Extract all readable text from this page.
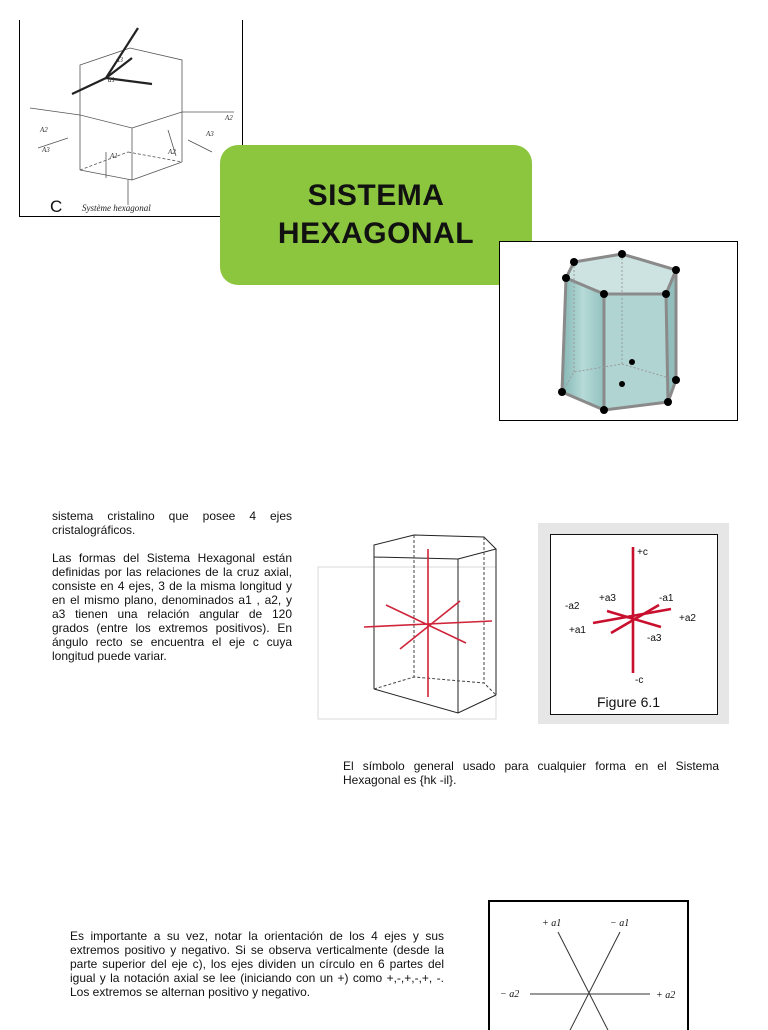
a3
a1
A2
A2
A3
A1	A2
A3
C Système hexagonal	SISTEMA
HEXAGONAL

sistema cristalino que posee 4 ejes cristalográficos.

Las formas del Sistema Hexagonal están definidas por las relaciones de la cruz axial, consiste en 4 ejes, 3 de la misma longitud y en el mismo plano, denominados a1 , a2, y a3 tienen una relación angular de 120 grados (entre los extremos positivos). En ángulo recto se encuentra el eje c cuya longitud puede variar.

+c
-c
-a2
+a3	-a1
+a2
+a1
-a3
Figure 6.1
El símbolo general usado para cualquier forma en el Sistema Hexagonal es {hk -il}.
Es importante a su vez, notar la orientación de los 4 ejes y sus extremos positivo y negativo. Si se observa verticalmente (desde la parte superior del eje c), los ejes dividen un círculo en 6 partes del igual y la notación axial se lee (iniciando con un +) como +,-,+,-,+, -. Los extremos se alternan positivo y negativo.
+ a1	− a1
− a2	+ a2
